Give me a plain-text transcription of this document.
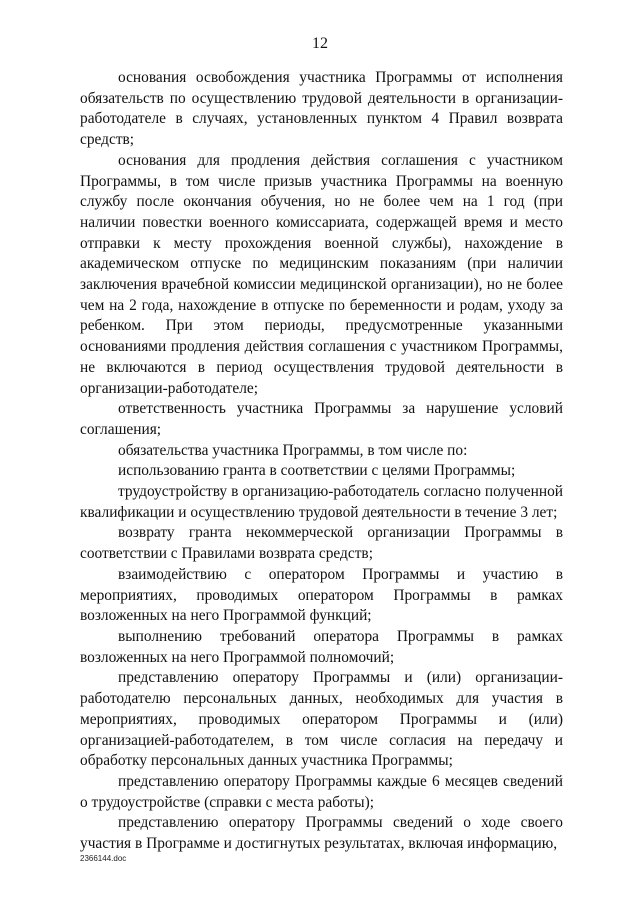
12

основания освобождения участника Программы от исполнения обязательств по осуществлению трудовой деятельности в организации-работодателе в случаях, установленных пунктом 4 Правил возврата средств;

основания для продления действия соглашения с участником Программы, в том числе призыв участника Программы на военную службу после окончания обучения, но не более чем на 1 год (при наличии повестки военного комиссариата, содержащей время и место отправки к месту прохождения военной службы), нахождение в академическом отпуске по медицинским показаниям (при наличии заключения врачебной комиссии медицинской организации), но не более чем на 2 года, нахождение в отпуске по беременности и родам, уходу за ребенком. При этом периоды, предусмотренные указанными основаниями продления действия соглашения с участником Программы, не включаются в период осуществления трудовой деятельности в организации-работодателе;

ответственность участника Программы за нарушение условий соглашения;

обязательства участника Программы, в том числе по:

использованию гранта в соответствии с целями Программы;

трудоустройству в организацию-работодатель согласно полученной квалификации и осуществлению трудовой деятельности в течение 3 лет;

возврату гранта некоммерческой организации Программы в соответствии с Правилами возврата средств;

взаимодействию с оператором Программы и участию в мероприятиях, проводимых оператором Программы в рамках возложенных на него Программой функций;

выполнению требований оператора Программы в рамках возложенных на него Программой полномочий;

представлению оператору Программы и (или) организации-работодателю персональных данных, необходимых для участия в мероприятиях, проводимых оператором Программы и (или) организацией-работодателем, в том числе согласия на передачу и обработку персональных данных участника Программы;

представлению оператору Программы каждые 6 месяцев сведений о трудоустройстве (справки с места работы);

представлению оператору Программы сведений о ходе своего участия в Программе и достигнутых результатах, включая информацию,

2366144.doc
